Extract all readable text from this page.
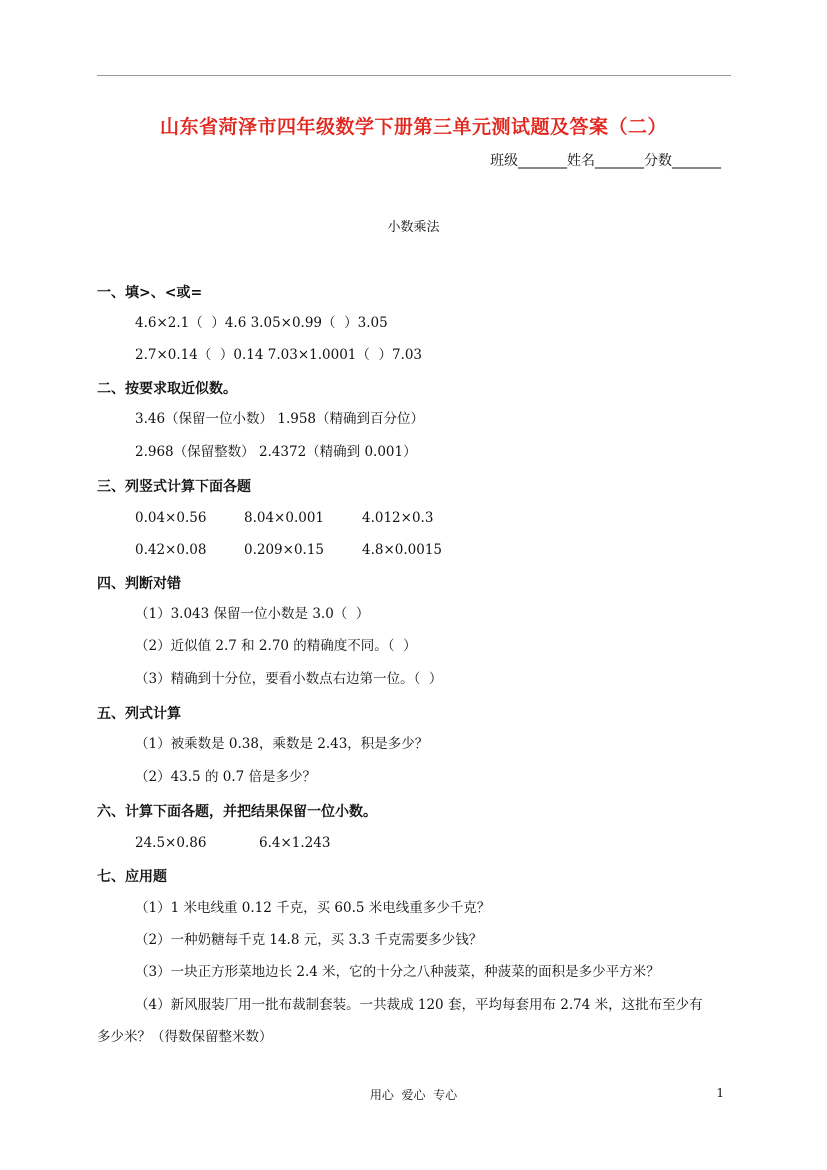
山东省菏泽市四年级数学下册第三单元测试题及答案（二）
班级_______姓名_______分数_______
小数乘法
一、填>、<或=
4.6×2.1（  ）4.6 3.05×0.99（  ）3.05
2.7×0.14（  ）0.14 7.03×1.0001（  ）7.03
二、按要求取近似数。
3.46（保留一位小数） 1.958（精确到百分位）
2.968（保留整数） 2.4372（精确到 0.001）
三、列竖式计算下面各题
0.04×0.56	8.04×0.001	4.012×0.3
0.42×0.08	0.209×0.15	4.8×0.0015
四、判断对错
（1）3.043 保留一位小数是 3.0（  ）
（2）近似值 2.7 和 2.70 的精确度不同。（  ）
（3）精确到十分位，要看小数点右边第一位。（  ）
五、列式计算
（1）被乘数是 0.38，乘数是 2.43，积是多少？
（2）43.5 的 0.7 倍是多少？
六、计算下面各题，并把结果保留一位小数。
24.5×0.86	6.4×1.243
七、应用题
（1）1 米电线重 0.12 千克，买 60.5 米电线重多少千克？
（2）一种奶糖每千克 14.8 元，买 3.3 千克需要多少钱？
（3）一块正方形菜地边长 2.4 米，它的十分之八种菠菜，种菠菜的面积是多少平方米？
（4）新风服装厂用一批布裁制套装。一共裁成 120 套，平均每套用布 2.74 米，这批布至少有
多少米？（得数保留整米数）
用心  爱心  专心	1
